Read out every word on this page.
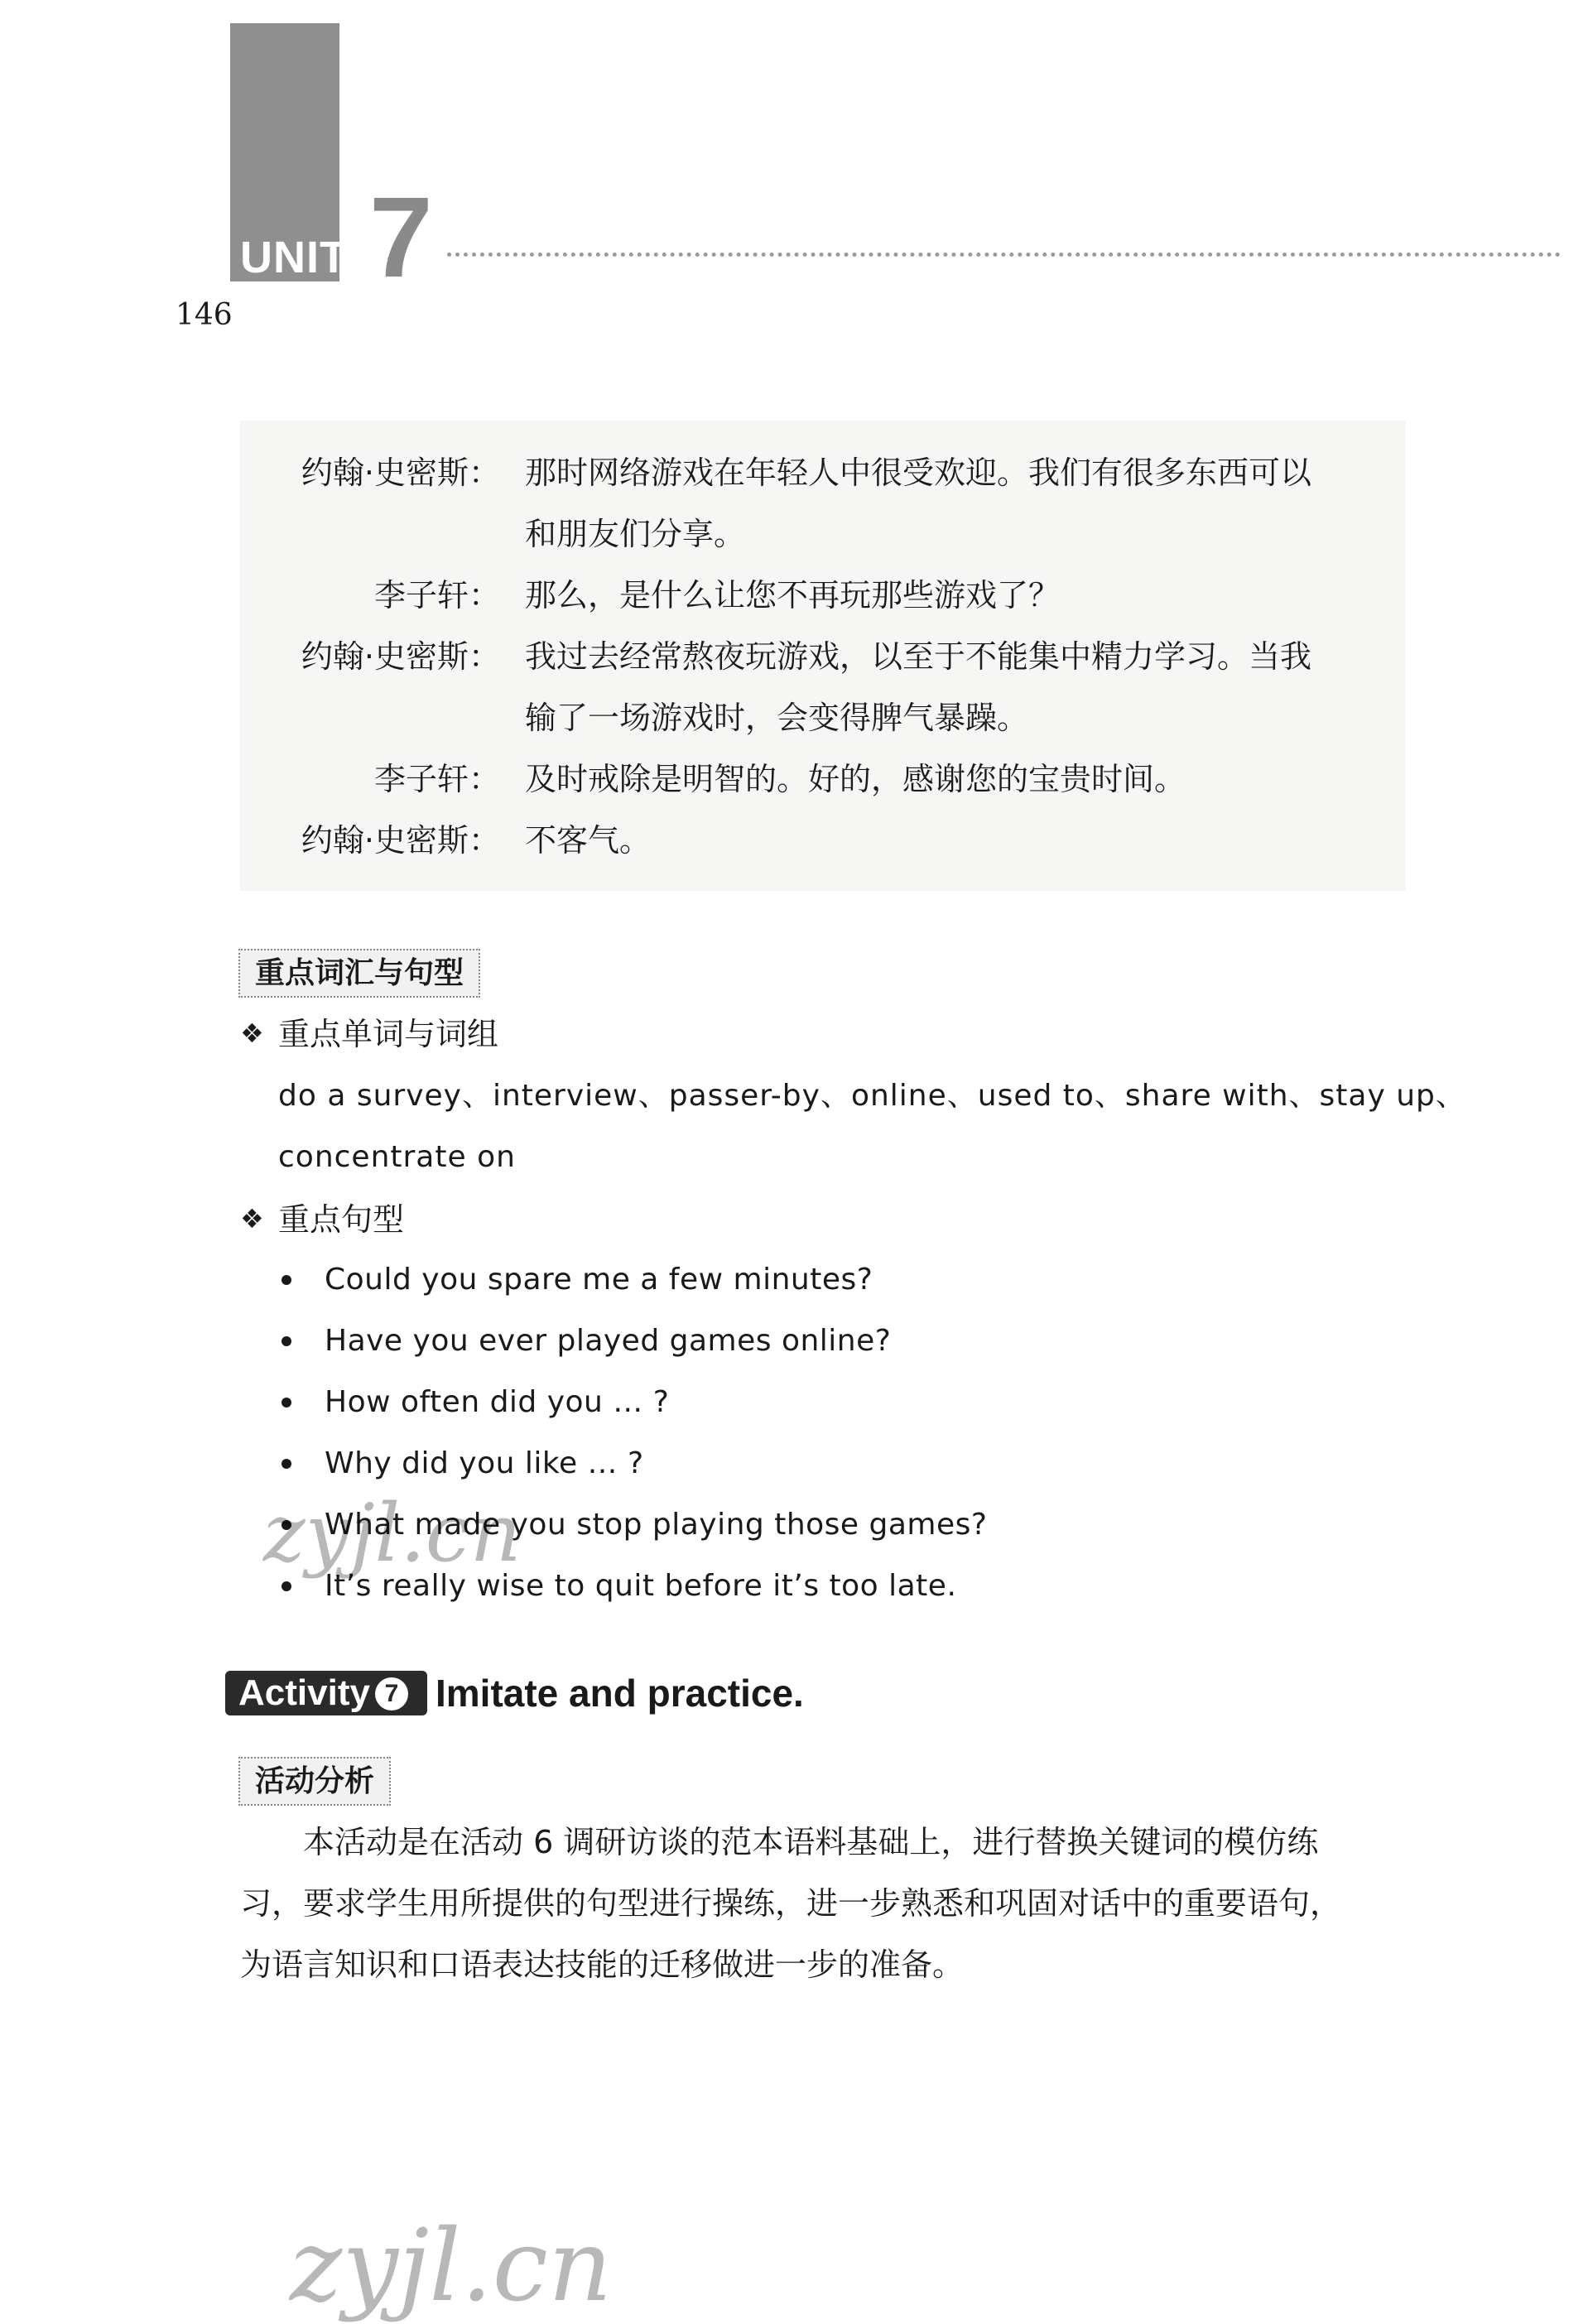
UNIT 7
146
约翰·史密斯： 那时网络游戏在年轻人中很受欢迎。我们有很多东西可以
和朋友们分享。
李子轩： 那么，是什么让您不再玩那些游戏了？
约翰·史密斯： 我过去经常熬夜玩游戏，以至于不能集中精力学习。当我
输了一场游戏时，会变得脾气暴躁。
李子轩： 及时戒除是明智的。好的，感谢您的宝贵时间。
约翰·史密斯： 不客气。
重点词汇与句型
❖ 重点单词与词组
do a survey、interview、passer-by、online、used to、share with、stay up、
concentrate on
❖ 重点句型
Could you spare me a few minutes?
Have you ever played games online?
How often did you … ?
Why did you like … ?
What made you stop playing those games?
It’s really wise to quit before it’s too late.
Activity 7 Imitate and practice.
活动分析
本活动是在活动 6 调研访谈的范本语料基础上，进行替换关键词的模仿练
习，要求学生用所提供的句型进行操练，进一步熟悉和巩固对话中的重要语句，
为语言知识和口语表达技能的迁移做进一步的准备。
zyjl.cn
zyjl.cn
